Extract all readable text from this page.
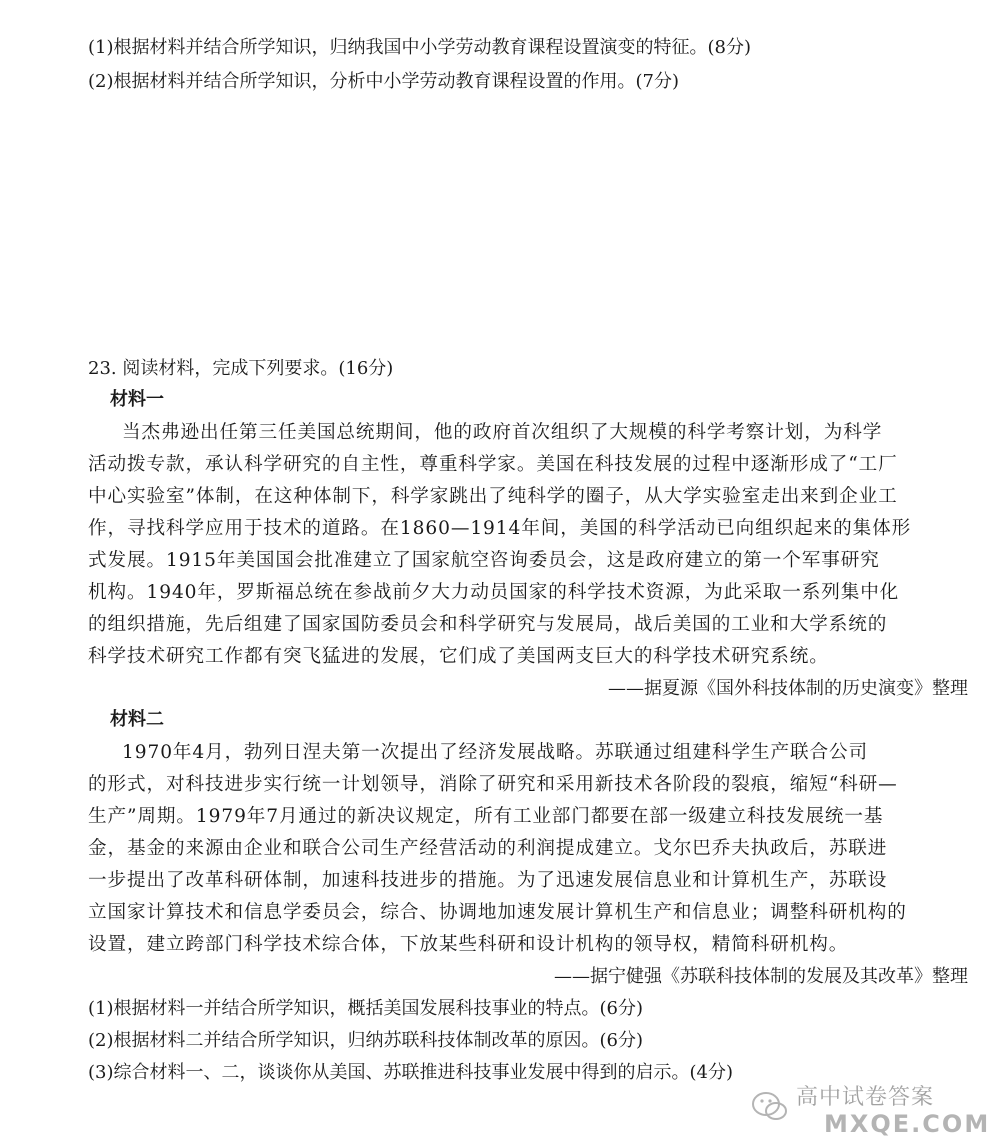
(1)根据材料并结合所学知识，归纳我国中小学劳动教育课程设置演变的特征。(8分)
(2)根据材料并结合所学知识，分析中小学劳动教育课程设置的作用。(7分)
23. 阅读材料，完成下列要求。(16分)
材料一
当杰弗逊出任第三任美国总统期间，他的政府首次组织了大规模的科学考察计划，为科学
活动拨专款，承认科学研究的自主性，尊重科学家。美国在科技发展的过程中逐渐形成了“工厂
中心实验室”体制，在这种体制下，科学家跳出了纯科学的圈子，从大学实验室走出来到企业工
作，寻找科学应用于技术的道路。在1860—1914年间，美国的科学活动已向组织起来的集体形
式发展。1915年美国国会批准建立了国家航空咨询委员会，这是政府建立的第一个军事研究
机构。1940年，罗斯福总统在参战前夕大力动员国家的科学技术资源，为此采取一系列集中化
的组织措施，先后组建了国家国防委员会和科学研究与发展局，战后美国的工业和大学系统的
科学技术研究工作都有突飞猛进的发展，它们成了美国两支巨大的科学技术研究系统。
——据夏源《国外科技体制的历史演变》整理
材料二
1970年4月，勃列日涅夫第一次提出了经济发展战略。苏联通过组建科学生产联合公司
的形式，对科技进步实行统一计划领导，消除了研究和采用新技术各阶段的裂痕，缩短“科研—
生产”周期。1979年7月通过的新决议规定，所有工业部门都要在部一级建立科技发展统一基
金，基金的来源由企业和联合公司生产经营活动的利润提成建立。戈尔巴乔夫执政后，苏联进
一步提出了改革科研体制，加速科技进步的措施。为了迅速发展信息业和计算机生产，苏联设
立国家计算技术和信息学委员会，综合、协调地加速发展计算机生产和信息业；调整科研机构的
设置，建立跨部门科学技术综合体，下放某些科研和设计机构的领导权，精简科研机构。
——据宁健强《苏联科技体制的发展及其改革》整理
(1)根据材料一并结合所学知识，概括美国发展科技事业的特点。(6分)
(2)根据材料二并结合所学知识，归纳苏联科技体制改革的原因。(6分)
(3)综合材料一、二，谈谈你从美国、苏联推进科技事业发展中得到的启示。(4分)
高中试卷答案
MXQE.COM
